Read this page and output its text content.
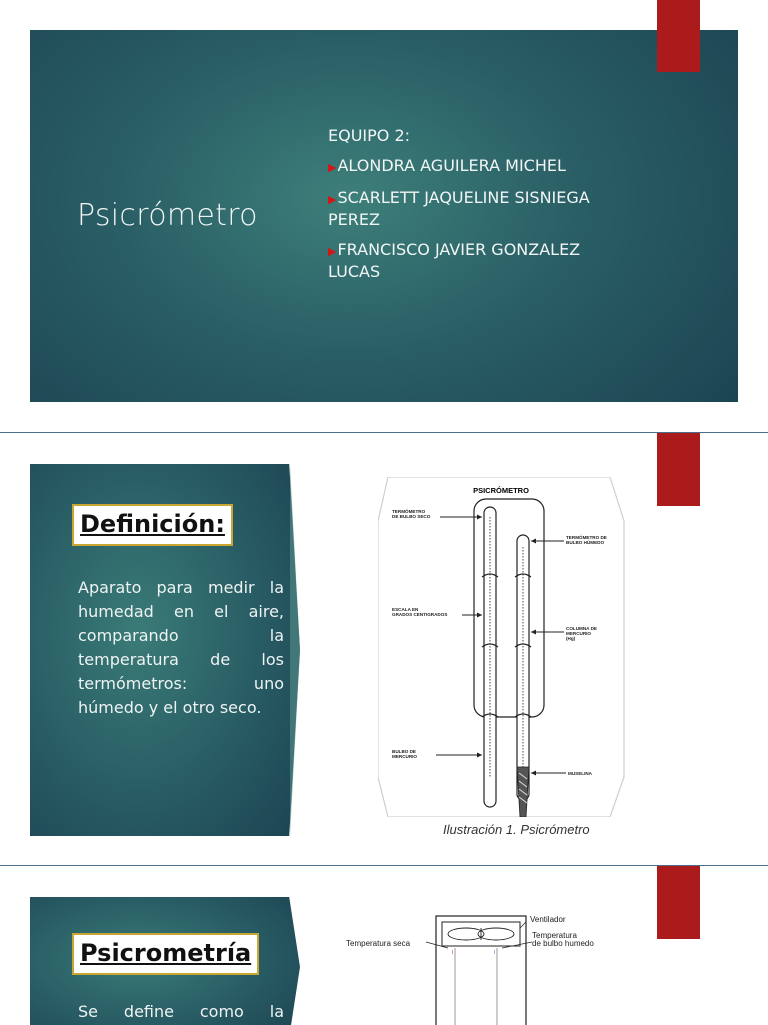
Psicrómetro
EQUIPO 2:
▶ALONDRA AGUILERA MICHEL
▶SCARLETT JAQUELINE SISNIEGA PEREZ
▶FRANCISCO JAVIER GONZALEZ LUCAS
Definición:
Aparato para medir la humedad en el aire, comparando la temperatura de los termómetros: uno húmedo y el otro seco.
PSICRÓMETRO
TERMÓMETRO
DE BULBO SECO
TERMÓMETRO DE
BULBO HÚMEDO
ESCALA EN
GRADOS CENTIGRADOS
COLUMNA DE
MERCURIO
(Hg)
BULBO DE
MERCURIO
MUSELINA
Ilustración 1. Psicrómetro
Psicrometría
Se define como la
I	I
Ventilador
Temperatura seca
Temperatura
de bulbo humedo
